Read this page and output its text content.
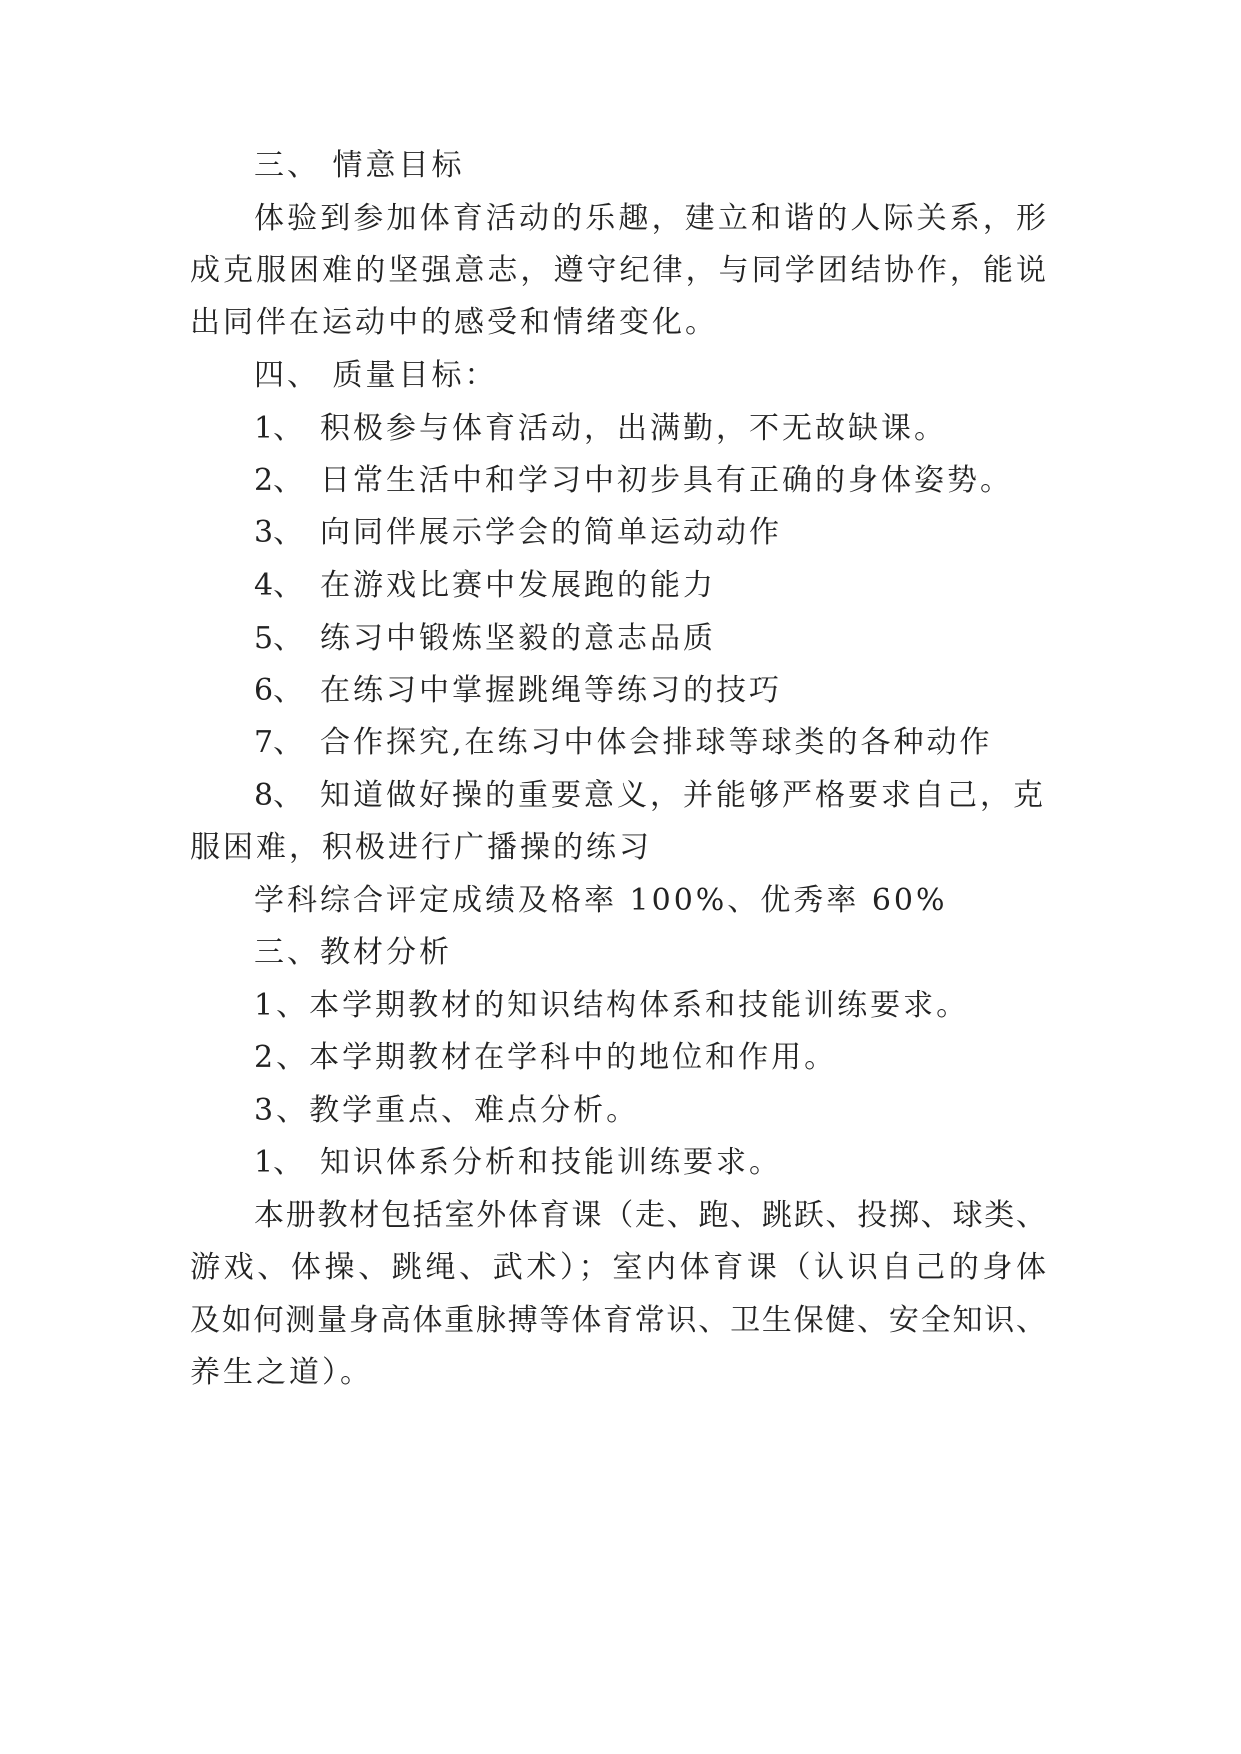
三、 情意目标
体验到参加体育活动的乐趣，建立和谐的人际关系，形
成克服困难的坚强意志，遵守纪律，与同学团结协作，能说
出同伴在运动中的感受和情绪变化。
四、 质量目标：
1、 积极参与体育活动，出满勤，不无故缺课。
2、 日常生活中和学习中初步具有正确的身体姿势。
3、 向同伴展示学会的简单运动动作
4、 在游戏比赛中发展跑的能力
5、 练习中锻炼坚毅的意志品质
6、 在练习中掌握跳绳等练习的技巧
7、 合作探究,在练习中体会排球等球类的各种动作
8、 知道做好操的重要意义，并能够严格要求自己，克
服困难，积极进行广播操的练习
学科综合评定成绩及格率 100%、优秀率 60%
三、教材分析
1、本学期教材的知识结构体系和技能训练要求。
2、本学期教材在学科中的地位和作用。
3、教学重点、难点分析。
1、 知识体系分析和技能训练要求。
本册教材包括室外体育课（走、跑、跳跃、投掷、球类、
游戏、体操、跳绳、武术）；室内体育课（认识自己的身体
及如何测量身高体重脉搏等体育常识、卫生保健、安全知识、
养生之道）。
